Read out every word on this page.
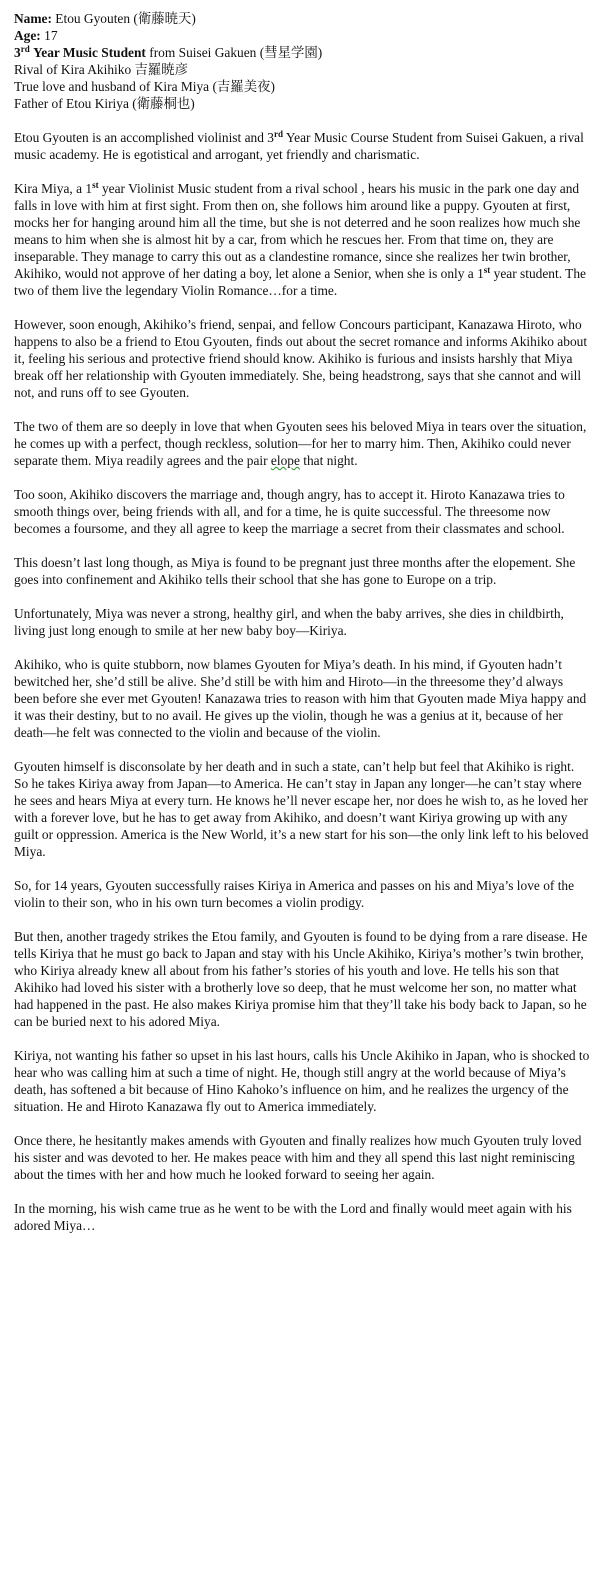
Name: Etou Gyouten (衛藤暁天)

Age: 17

3rd Year Music Student from Suisei Gakuen (彗星学園)

Rival of Kira Akihiko 吉羅暁彦

True love and husband of Kira Miya (吉羅美夜)

Father of Etou Kiriya (衛藤桐也)

Etou Gyouten is an accomplished violinist and 3rd Year Music Course Student from Suisei Gakuen, a rival music academy. He is egotistical and arrogant, yet friendly and charismatic.

Kira Miya, a 1st year Violinist Music student from a rival school , hears his music in the park one day and falls in love with him at first sight. From then on, she follows him around like a puppy. Gyouten at first, mocks her for hanging around him all the time, but she is not deterred and he soon realizes how much she means to him when she is almost hit by a car, from which he rescues her. From that time on, they are inseparable. They manage to carry this out as a clandestine romance, since she realizes her twin brother, Akihiko, would not approve of her dating a boy, let alone a Senior, when she is only a 1st year student. The two of them live the legendary Violin Romance…for a time.

However, soon enough, Akihiko’s friend, senpai, and fellow Concours participant, Kanazawa Hiroto, who happens to also be a friend to Etou Gyouten, finds out about the secret romance and informs Akihiko about it, feeling his serious and protective friend should know. Akihiko is furious and insists harshly that Miya break off her relationship with Gyouten immediately. She, being headstrong, says that she cannot and will not, and runs off to see Gyouten.

The two of them are so deeply in love that when Gyouten sees his beloved Miya in tears over the situation, he comes up with a perfect, though reckless, solution—for her to marry him. Then, Akihiko could never separate them. Miya readily agrees and the pair elope that night.

Too soon, Akihiko discovers the marriage and, though angry, has to accept it. Hiroto Kanazawa tries to smooth things over, being friends with all, and for a time, he is quite successful. The threesome now becomes a foursome, and they all agree to keep the marriage a secret from their classmates and school.

This doesn’t last long though, as Miya is found to be pregnant just three months after the elopement. She goes into confinement and Akihiko tells their school that she has gone to Europe on a trip.

Unfortunately, Miya was never a strong, healthy girl, and when the baby arrives, she dies in childbirth, living just long enough to smile at her new baby boy—Kiriya.

Akihiko, who is quite stubborn, now blames Gyouten for Miya’s death. In his mind, if Gyouten hadn’t bewitched her, she’d still be alive. She’d still be with him and Hiroto—in the threesome they’d always been before she ever met Gyouten! Kanazawa tries to reason with him that Gyouten made Miya happy and it was their destiny, but to no avail. He gives up the violin, though he was a genius at it, because of her death—he felt was connected to the violin and because of the violin.

Gyouten himself is disconsolate by her death and in such a state, can’t help but feel that Akihiko is right. So he takes Kiriya away from Japan—to America. He can’t stay in Japan any longer—he can’t stay where he sees and hears Miya at every turn. He knows he’ll never escape her, nor does he wish to, as he loved her with a forever love, but he has to get away from Akihiko, and doesn’t want Kiriya growing up with any guilt or oppression. America is the New World, it’s a new start for his son—the only link left to his beloved Miya.

So, for 14 years, Gyouten successfully raises Kiriya in America and passes on his and Miya’s love of the violin to their son, who in his own turn becomes a violin prodigy.

But then, another tragedy strikes the Etou family, and Gyouten is found to be dying from a rare disease. He tells Kiriya that he must go back to Japan and stay with his Uncle Akihiko, Kiriya’s mother’s twin brother, who Kiriya already knew all about from his father’s stories of his youth and love. He tells his son that Akihiko had loved his sister with a brotherly love so deep, that he must welcome her son, no matter what had happened in the past. He also makes Kiriya promise him that they’ll take his body back to Japan, so he can be buried next to his adored Miya.

Kiriya, not wanting his father so upset in his last hours, calls his Uncle Akihiko in Japan, who is shocked to hear who was calling him at such a time of night. He, though still angry at the world because of Miya’s death, has softened a bit because of Hino Kahoko’s influence on him, and he realizes the urgency of the situation. He and Hiroto Kanazawa fly out to America immediately.

Once there, he hesitantly makes amends with Gyouten and finally realizes how much Gyouten truly loved his sister and was devoted to her. He makes peace with him and they all spend this last night reminiscing about the times with her and how much he looked forward to seeing her again.

In the morning, his wish came true as he went to be with the Lord and finally would meet again with his adored Miya…
